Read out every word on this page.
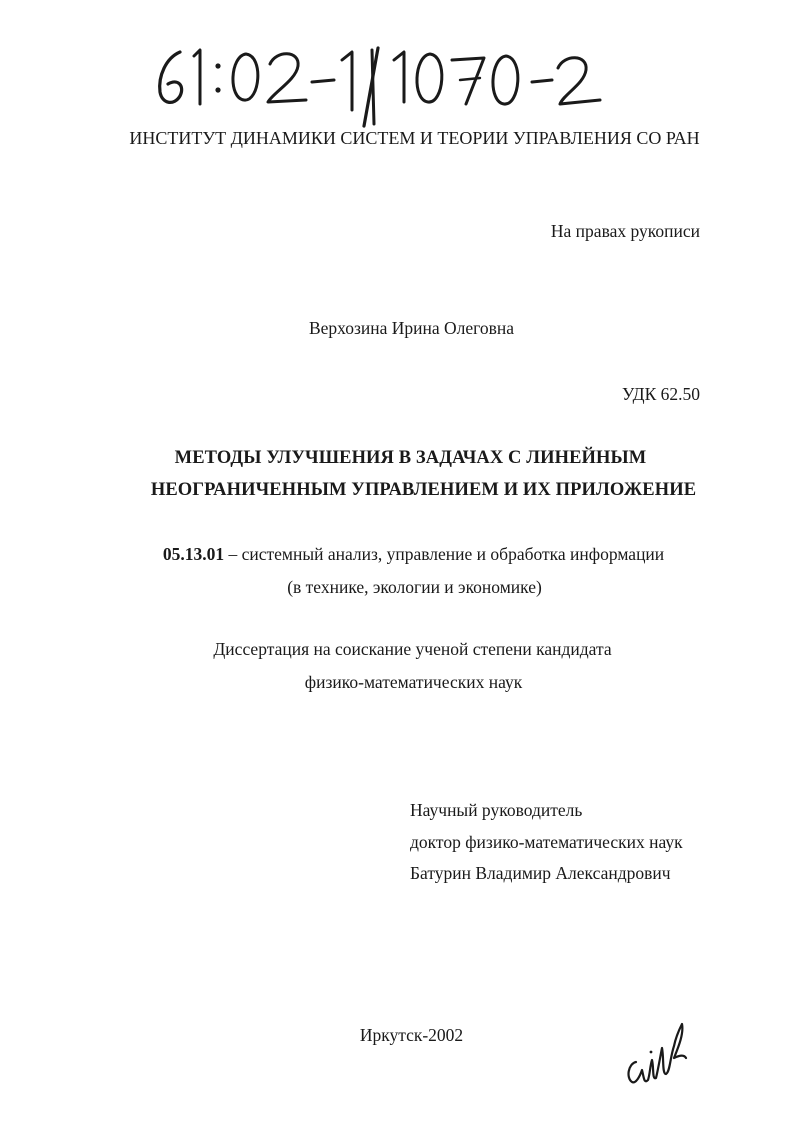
ИНСТИТУТ ДИНАМИКИ СИСТЕМ И ТЕОРИИ УПРАВЛЕНИЯ СО РАН
На правах рукописи
Верхозина Ирина Олеговна
УДК 62.50
МЕТОДЫ УЛУЧШЕНИЯ В ЗАДАЧАХ С ЛИНЕЙНЫМ
НЕОГРАНИЧЕННЫМ УПРАВЛЕНИЕМ И ИХ ПРИЛОЖЕНИЕ
05.13.01 – системный анализ, управление и обработка информации
(в технике, экологии и экономике)
Диссертация на соискание ученой степени кандидата
физико-математических наук
Научный руководитель
доктор физико-математических наук
Батурин Владимир Александрович
Иркутск-2002
